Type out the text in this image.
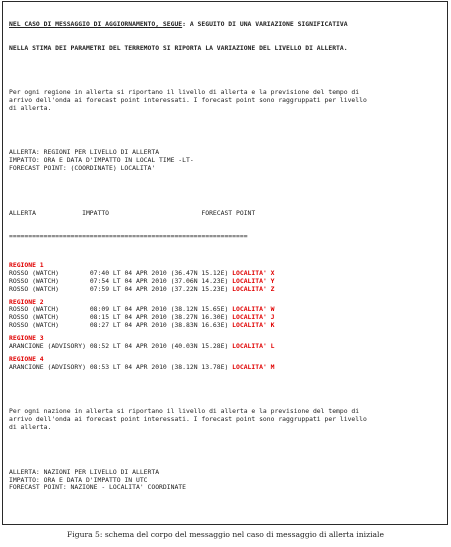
NEL CASO DI MESSAGGIO DI AGGIORNAMENTO, SEGUE: A SEGUITO DI UNA VARIAZIONE SIGNIFICATIVA

NELLA STIMA DEI PARAMETRI DEL TERREMOTO SI RIPORTA LA VARIAZIONE DEL LIVELLO DI ALLERTA.

Per ogni regione in allerta si riportano il livello di allerta e la previsione del tempo di
arrivo dell'onda ai forecast point interessati. I forecast point sono raggruppati per livello
di allerta.

ALLERTA: REGIONI PER LIVELLO DI ALLERTA
IMPATTO: ORA E DATA D'IMPATTO IN LOCAL TIME -LT-
FORECAST POINT: (COORDINATE) LOCALITA'

ALLERTA            IMPATTO                        FORECAST POINT

==============================================================

REGIONE 1
ROSSO (WATCH)        07:40 LT 04 APR 2010 (36.47N 15.12E) LOCALITA' X
ROSSO (WATCH)        07:54 LT 04 APR 2010 (37.06N 14.23E) LOCALITA' Y
ROSSO (WATCH)        07:59 LT 04 APR 2010 (37.22N 15.23E) LOCALITA' Z
REGIONE 2
ROSSO (WATCH)        08:09 LT 04 APR 2010 (38.12N 15.65E) LOCALITA' W
ROSSO (WATCH)        08:15 LT 04 APR 2010 (38.27N 16.30E) LOCALITA' J
ROSSO (WATCH)        08:27 LT 04 APR 2010 (38.83N 16.63E) LOCALITA' K
REGIONE 3
ARANCIONE (ADVISORY) 08:52 LT 04 APR 2010 (40.03N 15.28E) LOCALITA' L
REGIONE 4
ARANCIONE (ADVISORY) 08:53 LT 04 APR 2010 (38.12N 13.78E) LOCALITA' M

Per ogni nazione in allerta si riportano il livello di allerta e la previsione del tempo di
arrivo dell'onda ai forecast point interessati. I forecast point sono raggruppati per livello
di allerta.

ALLERTA: NAZIONI PER LIVELLO DI ALLERTA
IMPATTO: ORA E DATA D'IMPATTO IN UTC
FORECAST POINT: NAZIONE - LOCALITA' COORDINATE

Figura 5: schema del corpo del messaggio nel caso di messaggio di allerta iniziale
